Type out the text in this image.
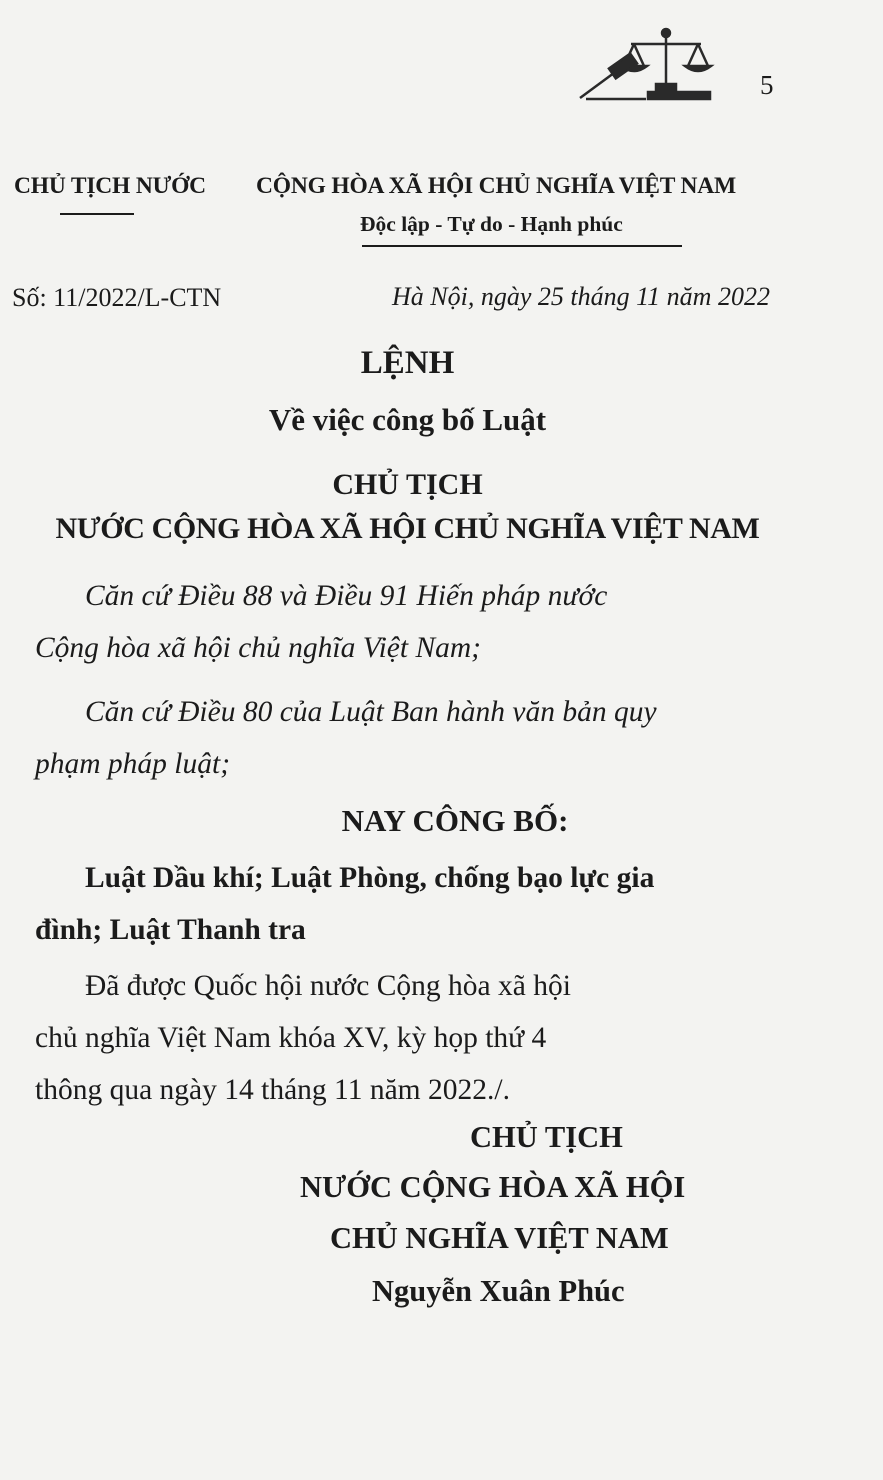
5
CHỦ TỊCH NƯỚC CỘNG HÒA XÃ HỘI CHỦ NGHĨA VIỆT NAM
Độc lập - Tự do - Hạnh phúc
Số: 11/2022/L-CTN	Hà Nội, ngày 25 tháng 11 năm 2022
LỆNH
Về việc công bố Luật
CHỦ TỊCH
NƯỚC CỘNG HÒA XÃ HỘI CHỦ NGHĨA VIỆT NAM
Căn cứ Điều 88 và Điều 91 Hiến pháp nước
Cộng hòa xã hội chủ nghĩa Việt Nam;
Căn cứ Điều 80 của Luật Ban hành văn bản quy
phạm pháp luật;
NAY CÔNG BỐ:
Luật Dầu khí; Luật Phòng, chống bạo lực gia
đình; Luật Thanh tra
Đã được Quốc hội nước Cộng hòa xã hội
chủ nghĩa Việt Nam khóa XV, kỳ họp thứ 4
thông qua ngày 14 tháng 11 năm 2022./.
CHỦ TỊCH
NƯỚC CỘNG HÒA XÃ HỘI
CHỦ NGHĨA VIỆT NAM
Nguyễn Xuân Phúc
